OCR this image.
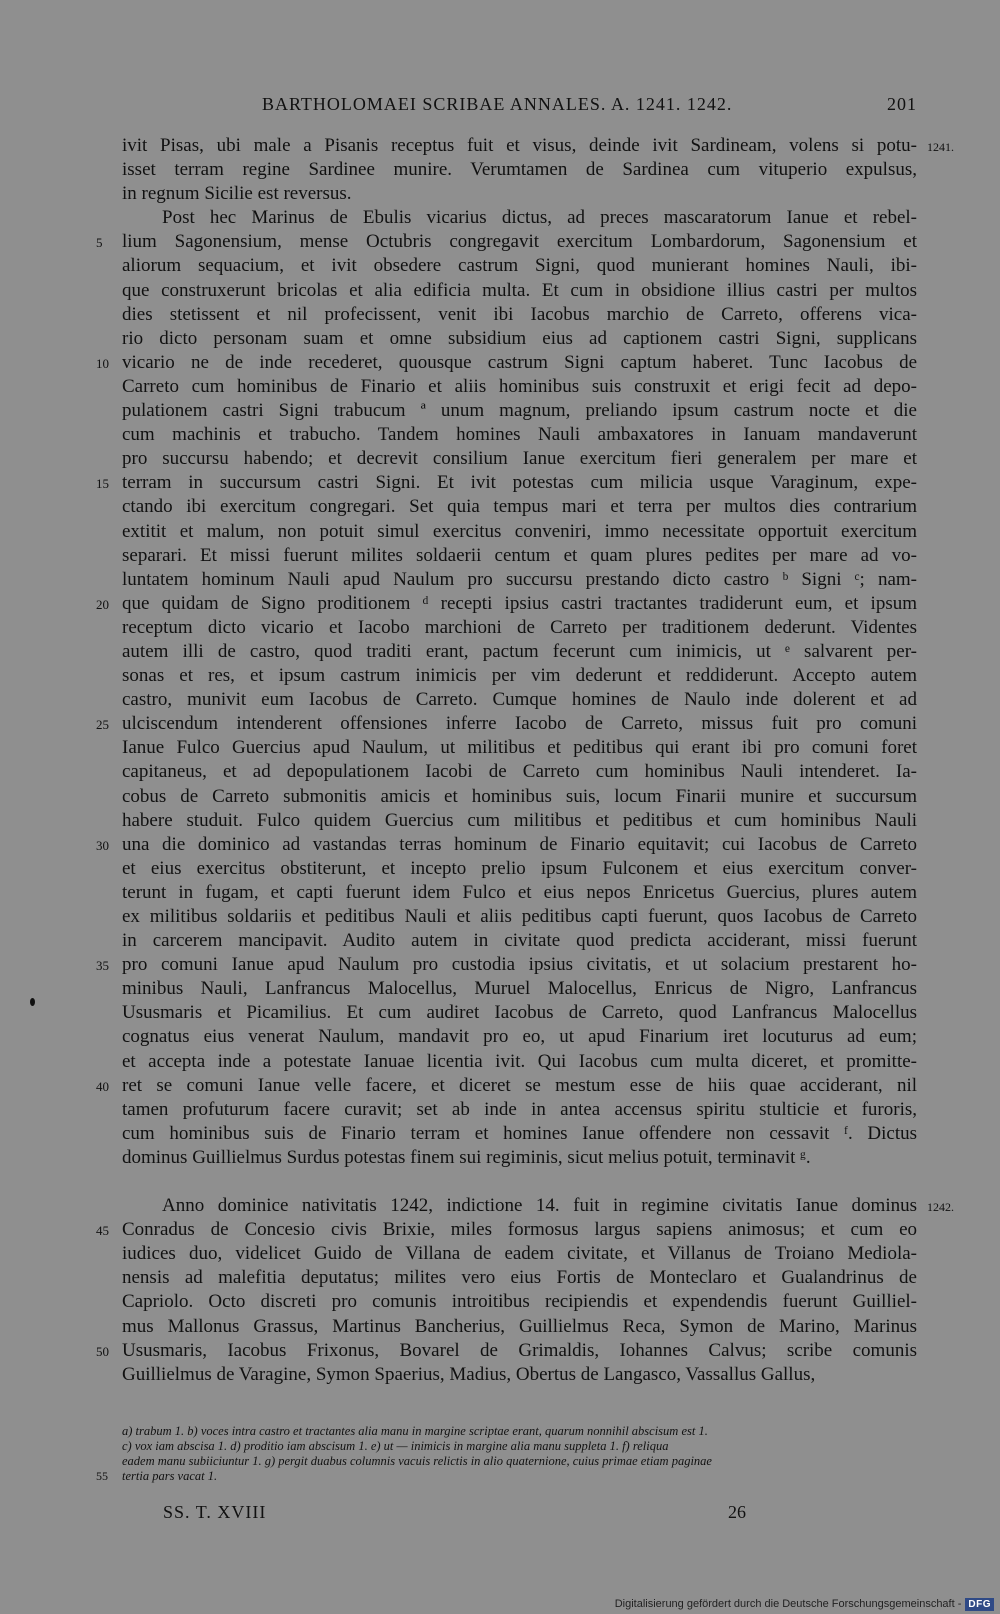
BARTHOLOMAEI SCRIBAE ANNALES. A. 1241. 1242.	201
ivit Pisas, ubi male a Pisanis receptus fuit et visus, deinde ivit Sardineam, volens si potu- 1241.
isset terram regine Sardinee munire. Verumtamen de Sardinea cum vituperio expulsus,
in regnum Sicilie est reversus.
Post hec Marinus de Ebulis vicarius dictus, ad preces mascaratorum Ianue et rebel-
5	lium Sagonensium, mense Octubris congregavit exercitum Lombardorum, Sagonensium et
aliorum sequacium, et ivit obsedere castrum Signi, quod munierant homines Nauli, ibi-
que construxerunt bricolas et alia edificia multa. Et cum in obsidione illius castri per multos
dies stetissent et nil profecissent, venit ibi Iacobus marchio de Carreto, offerens vica-
rio dicto personam suam et omne subsidium eius ad captionem castri Signi, supplicans
10 vicario ne de inde recederet, quousque castrum Signi captum haberet. Tunc Iacobus de
Carreto cum hominibus de Finario et aliis hominibus suis construxit et erigi fecit ad depo-
pulationem castri Signi trabucum ª unum magnum, preliando ipsum castrum nocte et die
cum machinis et trabucho. Tandem homines Nauli ambaxatores in Ianuam mandaverunt
pro succursu habendo; et decrevit consilium Ianue exercitum fieri generalem per mare et
15 terram in succursum castri Signi. Et ivit potestas cum milicia usque Varaginum, expe-
ctando ibi exercitum congregari. Set quia tempus mari et terra per multos dies contrarium
extitit et malum, non potuit simul exercitus conveniri, immo necessitate opportuit exercitum
separari. Et missi fuerunt milites soldaerii centum et quam plures pedites per mare ad vo-
luntatem hominum Nauli apud Naulum pro succursu prestando dicto castro ᵇ Signi ᶜ; nam-
20 que quidam de Signo proditionem ᵈ recepti ipsius castri tractantes tradiderunt eum, et ipsum
receptum dicto vicario et Iacobo marchioni de Carreto per traditionem dederunt. Videntes
autem illi de castro, quod traditi erant, pactum fecerunt cum inimicis, ut ᵉ salvarent per-
sonas et res, et ipsum castrum inimicis per vim dederunt et reddiderunt. Accepto autem
castro, munivit eum Iacobus de Carreto. Cumque homines de Naulo inde dolerent et ad
25 ulciscendum intenderent offensiones inferre Iacobo de Carreto, missus fuit pro comuni
Ianue Fulco Guercius apud Naulum, ut militibus et peditibus qui erant ibi pro comuni foret
capitaneus, et ad depopulationem Iacobi de Carreto cum hominibus Nauli intenderet. Ia-
cobus de Carreto submonitis amicis et hominibus suis, locum Finarii munire et succursum
habere studuit. Fulco quidem Guercius cum militibus et peditibus et cum hominibus Nauli
30 una die dominico ad vastandas terras hominum de Finario equitavit; cui Iacobus de Carreto
et eius exercitus obstiterunt, et incepto prelio ipsum Fulconem et eius exercitum conver-
terunt in fugam, et capti fuerunt idem Fulco et eius nepos Enricetus Guercius, plures autem
ex militibus soldariis et peditibus Nauli et aliis peditibus capti fuerunt, quos Iacobus de Carreto
in carcerem mancipavit. Audito autem in civitate quod predicta acciderant, missi fuerunt
35 pro comuni Ianue apud Naulum pro custodia ipsius civitatis, et ut solacium prestarent ho-
minibus Nauli, Lanfrancus Malocellus, Muruel Malocellus, Enricus de Nigro, Lanfrancus
Ususmaris et Picamilius. Et cum audiret Iacobus de Carreto, quod Lanfrancus Malocellus
cognatus eius venerat Naulum, mandavit pro eo, ut apud Finarium iret locuturus ad eum;
et accepta inde a potestate Ianuae licentia ivit. Qui Iacobus cum multa diceret, et promitte-
40 ret se comuni Ianue velle facere, et diceret se mestum esse de hiis quae acciderant, nil
tamen profuturum facere curavit; set ab inde in antea accensus spiritu stulticie et furoris,
cum hominibus suis de Finario terram et homines Ianue offendere non cessavit ᶠ. Dictus
dominus Guillielmus Surdus potestas finem sui regiminis, sicut melius potuit, terminavit ᵍ.
Anno dominice nativitatis 1242, indictione 14. fuit in regimine civitatis Ianue dominus 1242.
45 Conradus de Concesio civis Brixie, miles formosus largus sapiens animosus; et cum eo
iudices duo, videlicet Guido de Villana de eadem civitate, et Villanus de Troiano Mediola-
nensis ad malefitia deputatus; milites vero eius Fortis de Monteclaro et Gualandrinus de
Capriolo. Octo discreti pro comunis introitibus recipiendis et expendendis fuerunt Guilliel-
mus Mallonus Grassus, Martinus Bancherius, Guillielmus Reca, Symon de Marino, Marinus
50 Ususmaris, Iacobus Frixonus, Bovarel de Grimaldis, Iohannes Calvus; scribe comunis
Guillielmus de Varagine, Symon Spaerius, Madius, Obertus de Langasco, Vassallus Gallus,
a) trabum 1. b) voces intra castro et tractantes alia manu in margine scriptae erant, quarum nonnihil abscisum est 1.
c) vox iam abscisa 1. d) proditio iam abscisum 1. e) ut — inimicis in margine alia manu suppleta 1. f) reliqua
eadem manu subiiciuntur 1. g) pergit duabus columnis vacuis relictis in alio quaternione, cuius primae etiam paginae
55 tertia pars vacat 1.
SS. T. XVIII	26
Digitalisierung gefördert durch die Deutsche Forschungsgemeinschaft - DFG
